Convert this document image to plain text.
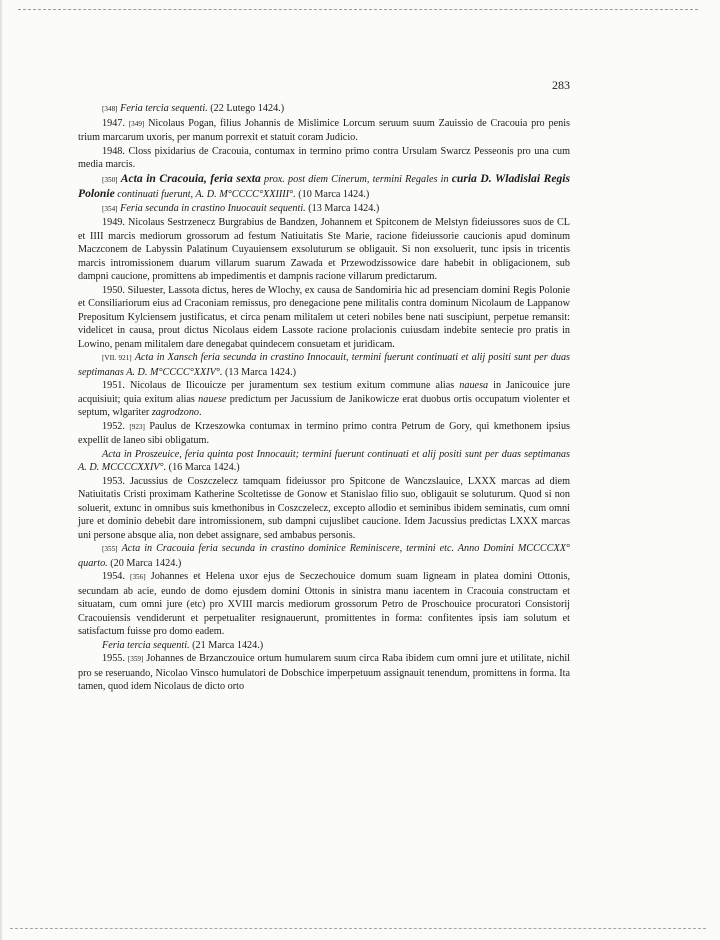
283

[348] Feria tercia sequenti. (22 Lutego 1424.)

1947. [349] Nicolaus Pogan, filius Johannis de Mislimice Lorcum seruum suum Zauissio de Cracouia pro penis trium marcarum uxoris, per manum porrexit et statuit coram Judicio.

1948. Closs pixidarius de Cracouia, contumax in termino primo contra Ursulam Swarcz Pesseonis pro una cum media marcis.

[350] Acta in Cracouia, feria sexta prox. post diem Cinerum, termini Regales in curia D. Wladislai Regis Polonie continuati fuerunt, A. D. M°CCCC°XXIIII°. (10 Marca 1424.)

[354] Feria secunda in crastino Inuocauit sequenti. (13 Marca 1424.)

1949. Nicolaus Sestrzenecz Burgrabius de Bandzen, Johannem et Spitconem de Melstyn fideiussores suos de CL et IIII marcis mediorum grossorum ad festum Natiuitatis Ste Marie, racione fideiussorie caucionis apud dominum Maczconem de Labyssin Palatinum Cuyauiensem exsoluturum se obligauit. Si non exsoluerit, tunc ipsis in tricentis marcis intromissionem duarum villarum suarum Zawada et Przewodzissowice dare habebit in obligacionem, sub dampni caucione, promittens ab impedimentis et dampnis racione villarum predictarum.

1950. Siluester, Lassota dictus, heres de Wlochy, ex causa de Sandomiria hic ad presenciam domini Regis Polonie et Consiliariorum eius ad Craconiam remissus, pro denegacione pene militalis contra dominum Nicolaum de Lappanow Prepositum Kylciensem justificatus, et circa penam militalem ut ceteri nobiles bene nati suscipiunt, perpetue remansit: videlicet in causa, prout dictus Nicolaus eidem Lassote racione prolacionis cuiusdam indebite sentecie pro pratis in Lowino, penam militalem dare denegabat quindecem consuetam et juridicam.

[VII. 921] Acta in Xansch feria secunda in crastino Innocauit, termini fuerunt continuati et alij positi sunt per duas septimanas A. D. M°CCCC°XXIV°. (13 Marca 1424.)

1951. Nicolaus de Ilicouicze per juramentum sex testium exitum commune alias nauesa in Janicouice jure acquisiuit; quia exitum alias nauese predictum per Jacussium de Janikowicze erat duobus ortis occupatum violenter et septum, wlgariter zagrodzono.

1952. [923] Paulus de Krzeszowka contumax in termino primo contra Petrum de Gory, qui kmethonem ipsius expellit de laneo sibi obligatum.

Acta in Proszeuice, feria quinta post Innocauit; termini fuerunt continuati et alij positi sunt per duas septimanas A. D. MCCCCXXIV°. (16 Marca 1424.)

1953. Jacussius de Coszczelecz tamquam fideiussor pro Spitcone de Wanczslauice, LXXX marcas ad diem Natiuitatis Cristi proximam Katherine Scoltetisse de Gonow et Stanislao filio suo, obligauit se soluturum. Quod si non soluerit, extunc in omnibus suis kmethonibus in Coszczelecz, excepto allodio et seminibus ibidem seminatis, cum omni jure et dominio debebit dare intromissionem, sub dampni cujuslibet caucione. Idem Jacussius predictas LXXX marcas uni persone absque alia, non debet assignare, sed ambabus personis.

[355] Acta in Cracouia feria secunda in crastino dominice Reminiscere, termini etc. Anno Domini MCCCCXX° quarto. (20 Marca 1424.)

1954. [356] Johannes et Helena uxor ejus de Seczechouice domum suam ligneam in platea domini Ottonis, secundam ab acie, eundo de domo ejusdem domini Ottonis in sinistra manu iacentem in Cracouia constructam et situatam, cum omni jure (etc) pro XVIII marcis mediorum grossorum Petro de Proschouice procuratori Consistorij Cracouiensis vendiderunt et perpetualiter resignauerunt, promittentes in forma: confitentes ipsis iam solutum et satisfactum fuisse pro domo eadem.

Feria tercia sequenti. (21 Marca 1424.)

1955. [359] Johannes de Brzanczouice ortum humularem suum circa Raba ibidem cum omni jure et utilitate, nichil pro se reseruando, Nicolao Vinsco humulatori de Dobschice imperpetuum assignauit tenendum, promittens in forma. Ita tamen, quod idem Nicolaus de dicto orto
